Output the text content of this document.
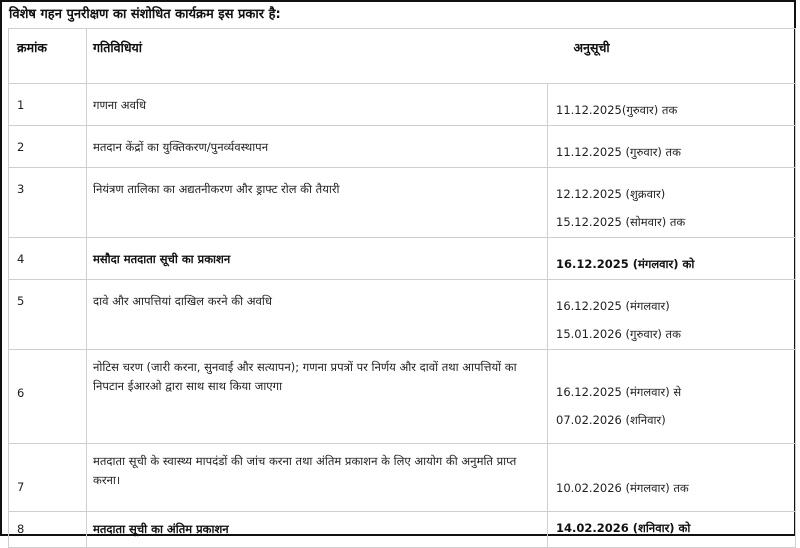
विशेष गहन पुनरीक्षण का संशोधित कार्यक्रम इस प्रकार है:
क्रमांक	गतिविधियां	अनुसूची
1	गणना अवधि	11.12.2025(गुरुवार) तक

2	मतदान केंद्रों का युक्तिकरण/पुनर्व्यवस्थापन	11.12.2025 (गुरुवार) तक

3	नियंत्रण तालिका का अद्यतनीकरण और ड्राफ्ट रोल की तैयारी	12.12.2025 (शुक्रवार)
15.12.2025 (सोमवार) तक

4	मसौदा मतदाता सूची का प्रकाशन	16.12.2025 (मंगलवार) को

5	दावे और आपत्तियां दाखिल करने की अवधि	16.12.2025 (मंगलवार)
15.01.2026 (गुरुवार) तक

6	नोटिस चरण (जारी करना, सुनवाई और सत्यापन); गणना प्रपत्रों पर निर्णय और दावों तथा आपत्तियों का निपटान ईआरओ द्वारा साथ साथ किया जाएगा	16.12.2025 (मंगलवार) से
07.02.2026 (शनिवार)

7	मतदाता सूची के स्वास्थ्य मापदंडों की जांच करना तथा अंतिम प्रकाशन के लिए आयोग की अनुमति प्राप्त करना।	10.02.2026 (मंगलवार) तक

8	मतदाता सूची का अंतिम प्रकाशन	14.02.2026 (शनिवार) को
